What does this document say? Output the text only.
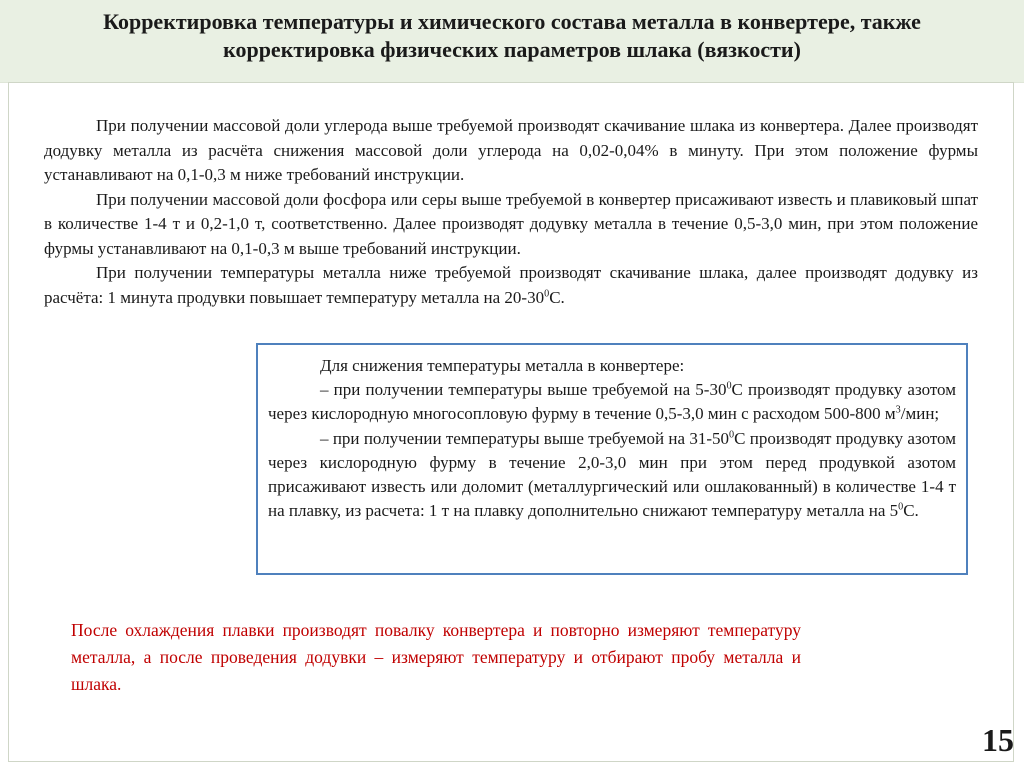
Корректировка температуры и химического состава металла в конвертере, также
корректировка физических параметров шлака (вязкости)

При получении массовой доли углерода выше требуемой производят скачивание шлака из конвертера. Далее производят додувку металла из расчёта снижения массовой доли углерода на 0,02-0,04% в минуту. При этом положение фурмы устанавливают на 0,1-0,3 м ниже требований инструкции.

При получении массовой доли фосфора или серы выше требуемой в конвертер присаживают известь и плавиковый шпат в количестве 1-4 т и 0,2-1,0 т, соответственно. Далее производят додувку металла в течение 0,5-3,0 мин, при этом положение фурмы устанавливают на 0,1-0,3 м выше требований инструкции.

При получении температуры металла ниже требуемой производят скачивание шлака, далее производят додувку из расчёта: 1 минута продувки повышает температуру металла на $20-30^0С$.

Для снижения температуры металла в конвертере:

– при получении температуры выше требуемой на $5-30^0С$ производят продувку азотом через кислородную многосопловую фурму в течение 0,5-3,0 мин с расходом 500-800 $м^3$/мин;

– при получении температуры выше требуемой на $31-50^0С$ производят продувку азотом через кислородную фурму в течение 2,0-3,0 мин при этом перед продувкой азотом присаживают известь или доломит (металлургический или ошлакованный) в количестве 1-4 т на плавку, из расчета: 1 т на плавку дополнительно снижают температуру металла на $5^0С$.

После охлаждения плавки производят повалку конвертера и повторно измеряют температуру металла, а после проведения додувки – измеряют температуру и отбирают пробу металла и шлака.
15
